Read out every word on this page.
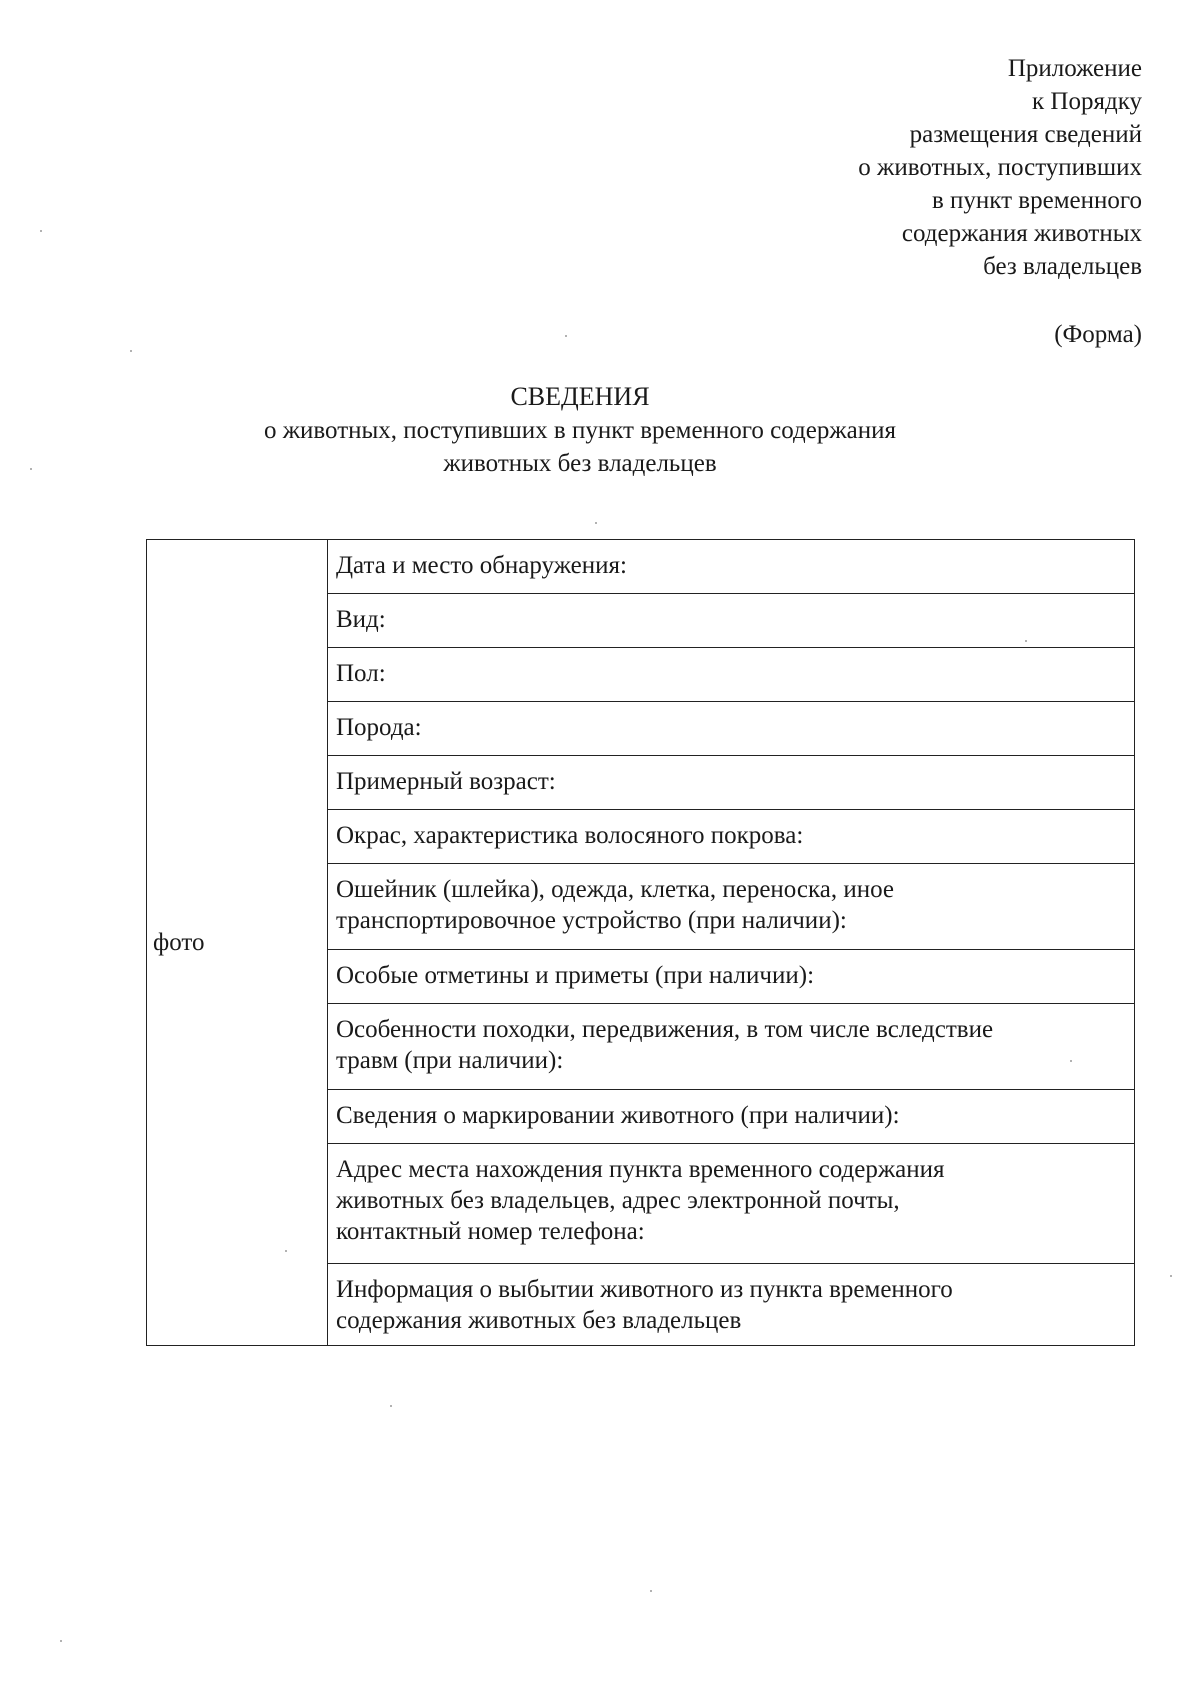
Приложение
к Порядку
размещения сведений
о животных, поступивших
в пункт временного
содержания животных
без владельцев
(Форма)
СВЕДЕНИЯ
о животных, поступивших в пункт временного содержания
животных без владельцев
фото	
Дата и место обнаружения:

Вид:

Пол:

Порода:

Примерный возраст:

Окрас, характеристика волосяного покрова:

Ошейник (шлейка), одежда, клетка, переноска, иное
транспортировочное устройство (при наличии):

Особые отметины и приметы (при наличии):

Особенности походки, передвижения, в том числе вследствие
травм (при наличии):

Сведения о маркировании животного (при наличии):

Адрес места нахождения пункта временного содержания
животных без владельцев, адрес электронной почты,
контактный номер телефона:

Информация о выбытии животного из пункта временного
содержания животных без владельцев
